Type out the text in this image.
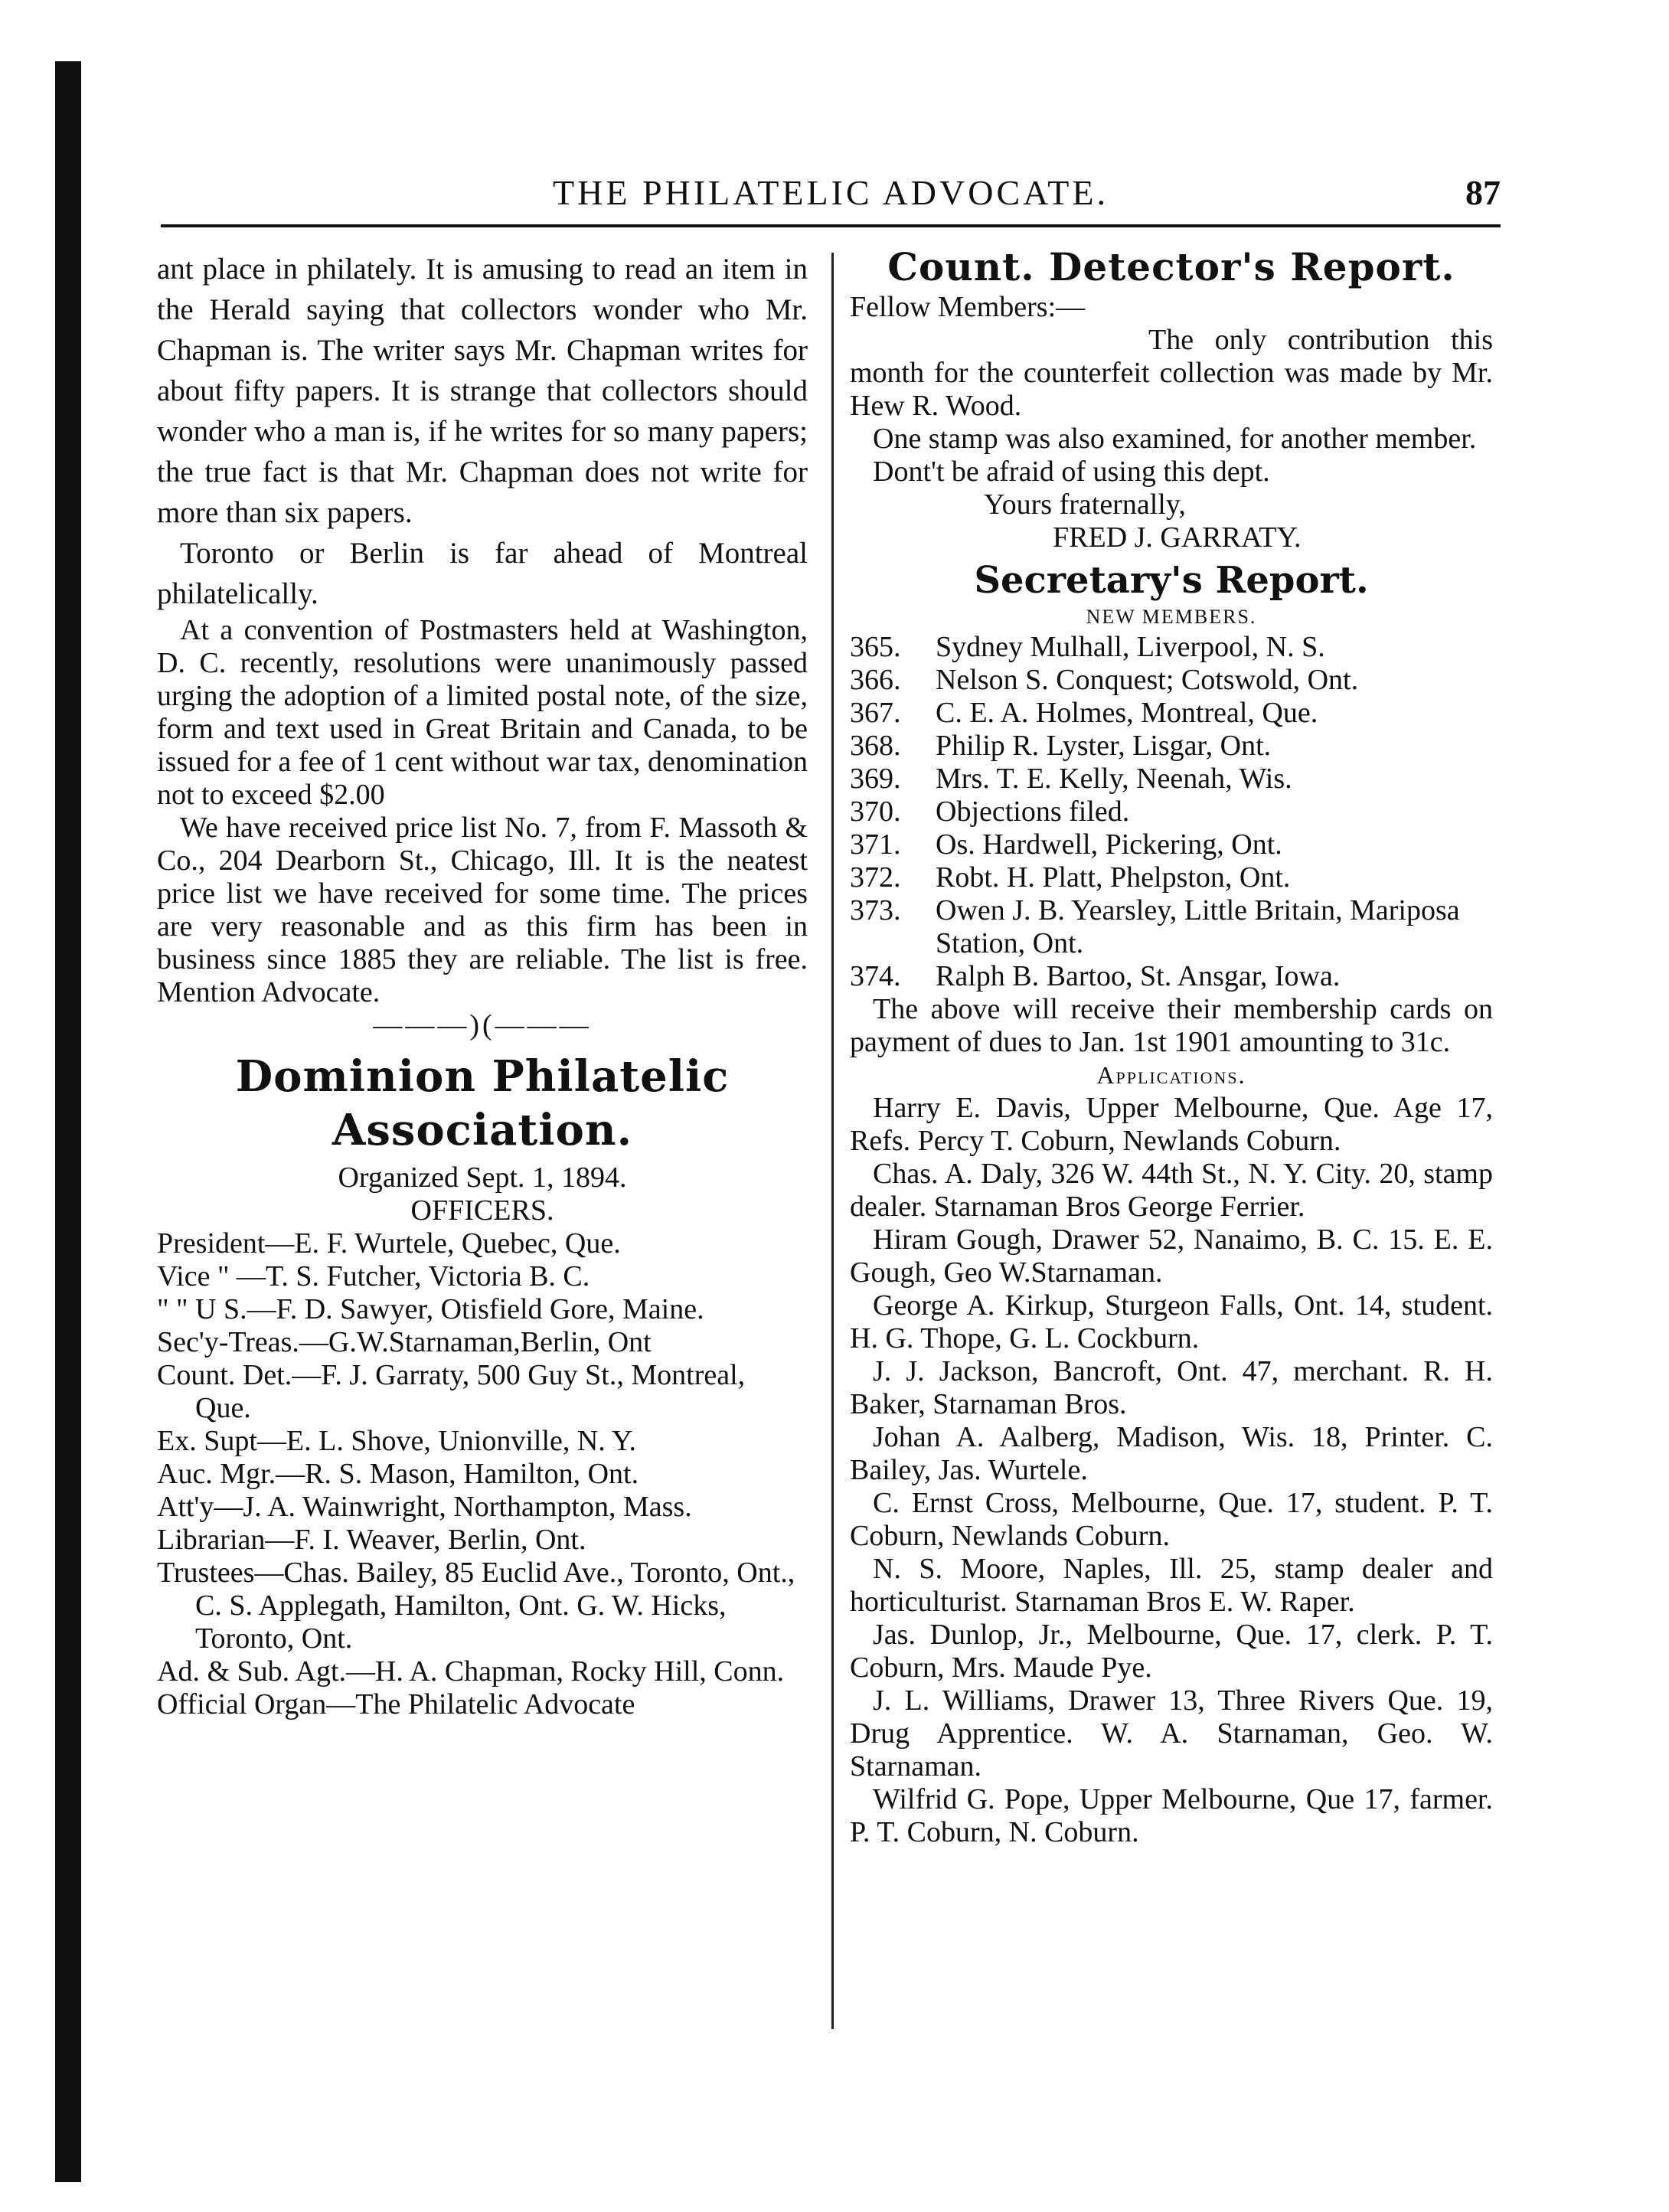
THE PHILATELIC ADVOCATE.	87

ant place in philately. It is amusing to read an item in the Herald saying that collectors wonder who Mr. Chapman is. The writer says Mr. Chapman writes for about fifty papers. It is strange that collectors should wonder who a man is, if he writes for so many papers; the true fact is that Mr. Chapman does not write for more than six papers.

Toronto or Berlin is far ahead of Montreal philatelically.

At a convention of Postmasters held at Washington, D. C. recently, resolutions were unanimously passed urging the adoption of a limited postal note, of the size, form and text used in Great Britain and Canada, to be issued for a fee of 1 cent without war tax, denomination not to exceed $2.00

We have received price list No. 7, from F. Massoth & Co., 204 Dearborn St., Chicago, Ill. It is the neatest price list we have received for some time. The prices are very reasonable and as this firm has been in business since 1885 they are reliable. The list is free. Mention Advocate.

———)(———
Dominion Philatelic
Association.
Organized Sept. 1, 1894.
OFFICERS.
President—E. F. Wurtele, Quebec, Que.
Vice " —T. S. Futcher, Victoria B. C.
" " U S.—F. D. Sawyer, Otisfield Gore, Maine.
Sec'y-Treas.—G.W.Starnaman,Berlin, Ont
Count. Det.—F. J. Garraty, 500 Guy St., Montreal, Que.
Ex. Supt—E. L. Shove, Unionville, N. Y.
Auc. Mgr.—R. S. Mason, Hamilton, Ont.
Att'y—J. A. Wainwright, Northampton, Mass.
Librarian—F. I. Weaver, Berlin, Ont.
Trustees—Chas. Bailey, 85 Euclid Ave., Toronto, Ont., C. S. Applegath, Hamilton, Ont. G. W. Hicks, Toronto, Ont.
Ad. & Sub. Agt.—H. A. Chapman, Rocky Hill, Conn.
Official Organ—The Philatelic Advocate
Count. Detector's Report.
Fellow Members:—

The only contribution this month for the counterfeit collection was made by Mr. Hew R. Wood.

One stamp was also examined, for another member.

Dont't be afraid of using this dept.

Yours fraternally,
FRED J. GARRATY.
Secretary's Report.
NEW MEMBERS.
365.	Sydney Mulhall, Liverpool, N. S.
366.	Nelson S. Conquest; Cotswold, Ont.
367.	C. E. A. Holmes, Montreal, Que.
368.	Philip R. Lyster, Lisgar, Ont.
369.	Mrs. T. E. Kelly, Neenah, Wis.
370.	Objections filed.
371.	Os. Hardwell, Pickering, Ont.
372.	Robt. H. Platt, Phelpston, Ont.
373.	Owen J. B. Yearsley, Little Britain, Mariposa Station, Ont.
374.	Ralph B. Bartoo, St. Ansgar, Iowa.

The above will receive their membership cards on payment of dues to Jan. 1st 1901 amounting to 31c.

Applications.

Harry E. Davis, Upper Melbourne, Que. Age 17, Refs. Percy T. Coburn, Newlands Coburn.

Chas. A. Daly, 326 W. 44th St., N. Y. City. 20, stamp dealer. Starnaman Bros George Ferrier.

Hiram Gough, Drawer 52, Nanaimo, B. C. 15. E. E. Gough, Geo W.Starnaman.

George A. Kirkup, Sturgeon Falls, Ont. 14, student. H. G. Thope, G. L. Cockburn.

J. J. Jackson, Bancroft, Ont. 47, merchant. R. H. Baker, Starnaman Bros.

Johan A. Aalberg, Madison, Wis. 18, Printer. C. Bailey, Jas. Wurtele.

C. Ernst Cross, Melbourne, Que. 17, student. P. T. Coburn, Newlands Coburn.

N. S. Moore, Naples, Ill. 25, stamp dealer and horticulturist. Starnaman Bros E. W. Raper.

Jas. Dunlop, Jr., Melbourne, Que. 17, clerk. P. T. Coburn, Mrs. Maude Pye.

J. L. Williams, Drawer 13, Three Rivers Que. 19, Drug Apprentice. W. A. Starnaman, Geo. W. Starnaman.

Wilfrid G. Pope, Upper Melbourne, Que 17, farmer. P. T. Coburn, N. Coburn.
